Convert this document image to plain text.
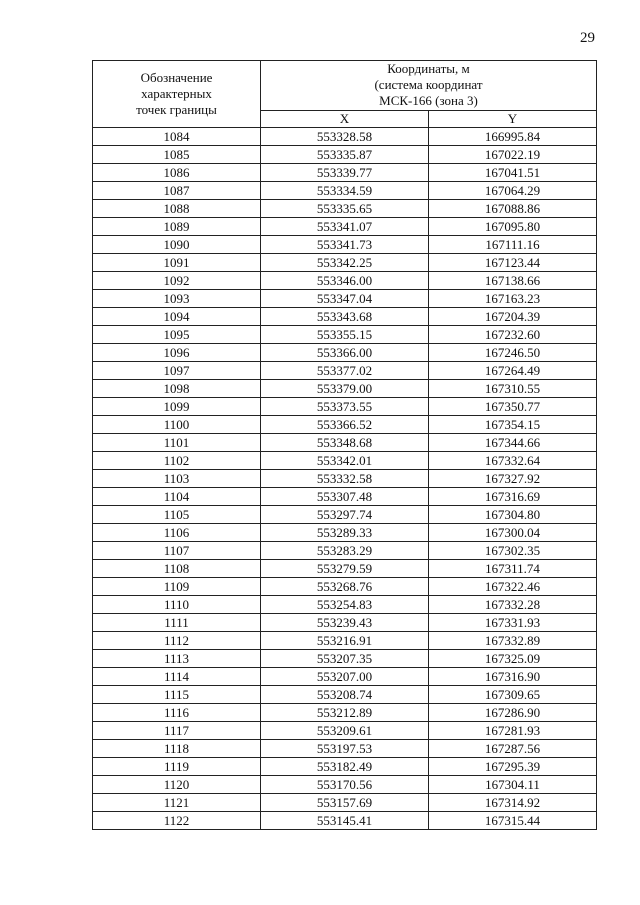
29
Обозначение
характерных
точек границы	Координаты, м
(система координат
МСК-166 (зона 3)	

	X	Y
1084	553328.58	166995.84
1085	553335.87	167022.19
1086	553339.77	167041.51
1087	553334.59	167064.29
1088	553335.65	167088.86
1089	553341.07	167095.80
1090	553341.73	167111.16
1091	553342.25	167123.44
1092	553346.00	167138.66
1093	553347.04	167163.23
1094	553343.68	167204.39
1095	553355.15	167232.60
1096	553366.00	167246.50
1097	553377.02	167264.49
1098	553379.00	167310.55
1099	553373.55	167350.77
1100	553366.52	167354.15
1101	553348.68	167344.66
1102	553342.01	167332.64
1103	553332.58	167327.92
1104	553307.48	167316.69
1105	553297.74	167304.80
1106	553289.33	167300.04
1107	553283.29	167302.35
1108	553279.59	167311.74
1109	553268.76	167322.46
1110	553254.83	167332.28
1111	553239.43	167331.93
1112	553216.91	167332.89
1113	553207.35	167325.09
1114	553207.00	167316.90
1115	553208.74	167309.65
1116	553212.89	167286.90
1117	553209.61	167281.93
1118	553197.53	167287.56
1119	553182.49	167295.39
1120	553170.56	167304.11
1121	553157.69	167314.92
1122	553145.41	167315.44
